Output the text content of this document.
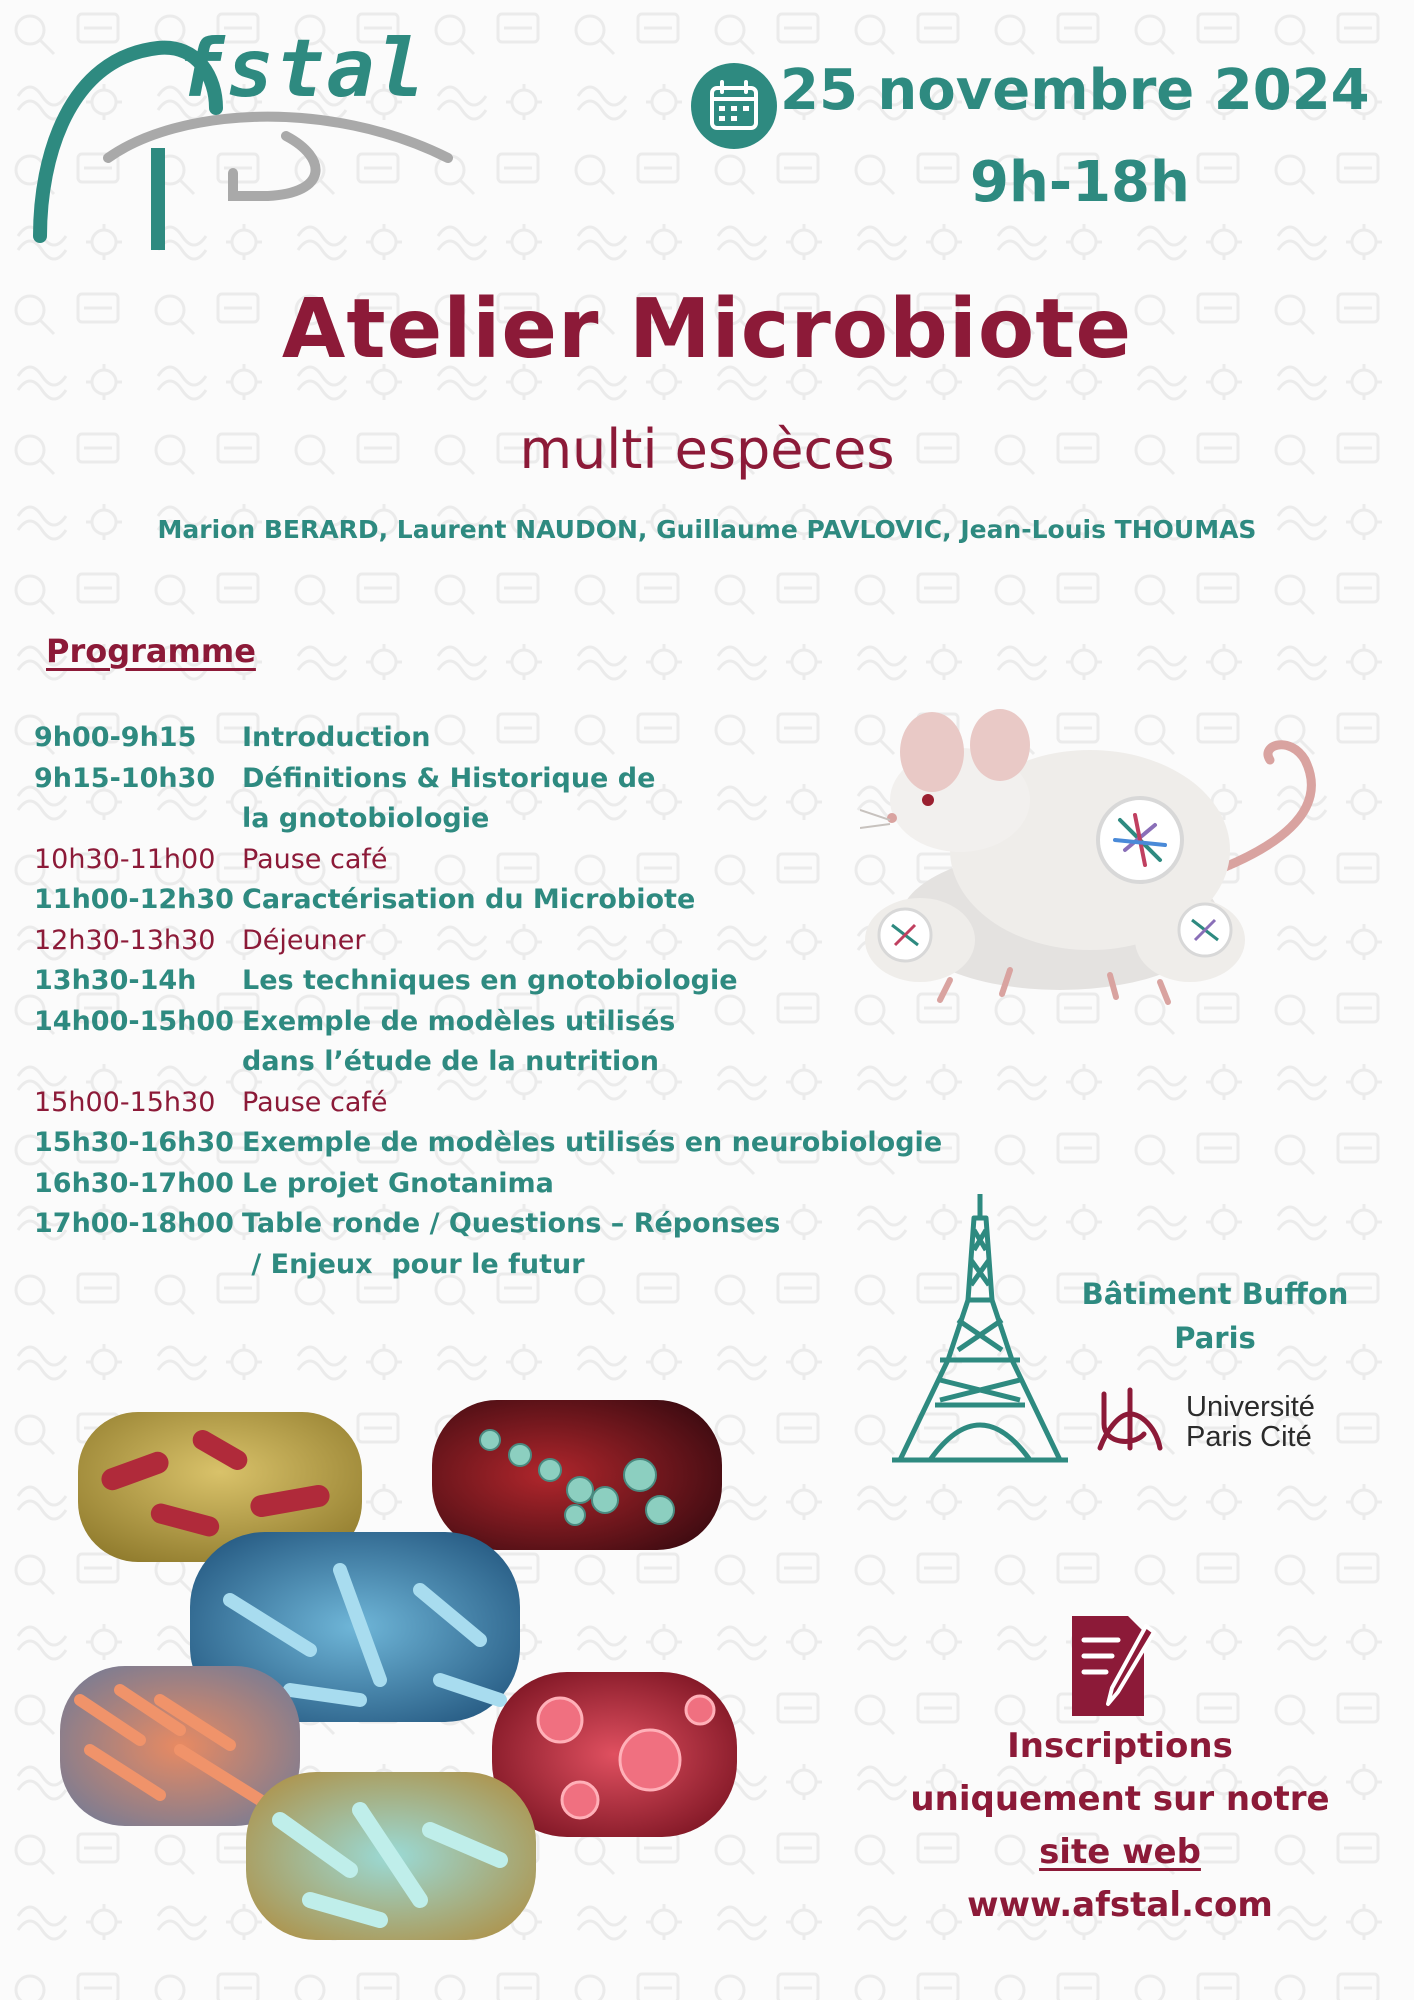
fstal	25 novembre 2024
9h-18h
Atelier Microbiote
multi espèces
Marion BERARD, Laurent NAUDON, Guillaume PAVLOVIC, Jean-Louis THOUMAS
Programme
9h00-9h15	Introduction
9h15-10h30 Définitions & Historique de
la gnotobiologie
10h30-11h00 Pause café
11h00-12h30 Caractérisation du Microbiote
12h30-13h30 Déjeuner
13h30-14h	Les techniques en gnotobiologie
14h00-15h00 Exemple de modèles utilisés
dans l’étude de la nutrition
15h00-15h30 Pause café
15h30-16h30 Exemple de modèles utilisés en neurobiologie
16h30-17h00 Le projet Gnotanima
17h00-18h00 Table ronde / Questions – Réponses
/ Enjeux  pour le futur
Bâtiment Buffon
Paris
Université
Paris Cité
Inscriptions
uniquement sur notre
site web
www.afstal.com
